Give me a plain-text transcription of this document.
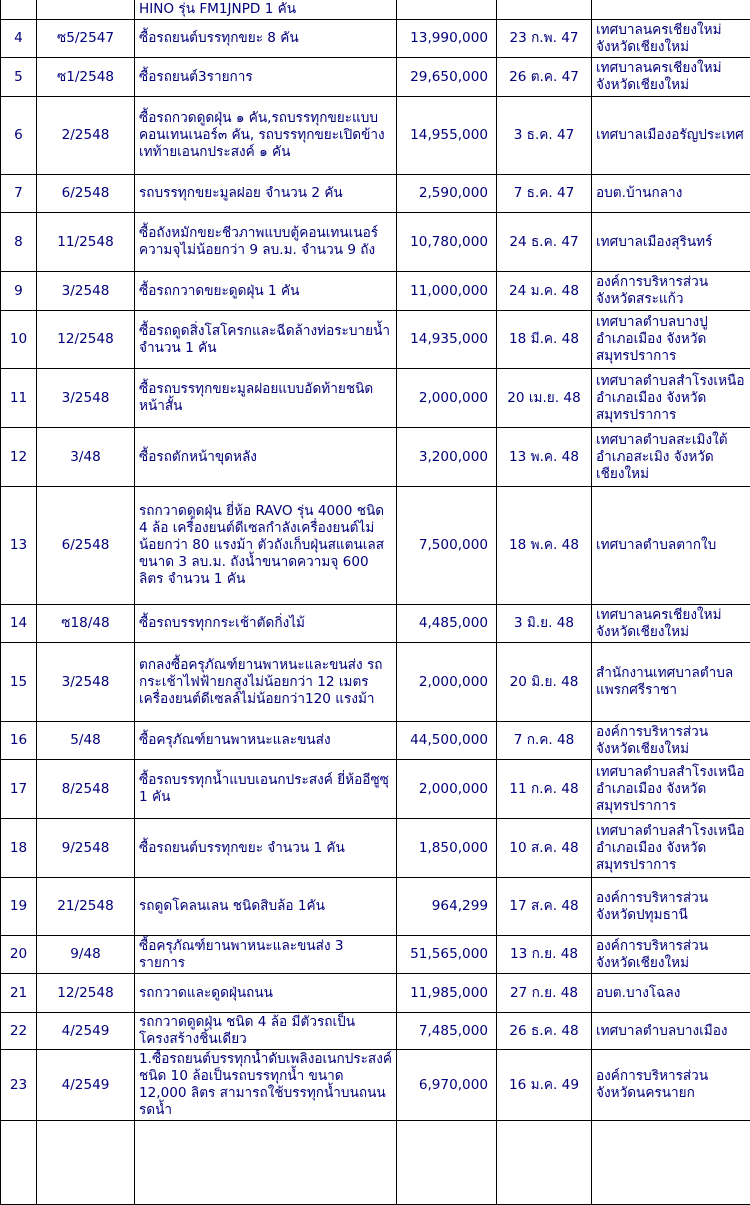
		HINO รุ่น FM1JNPD 1 คัน			
4	ซ5/2547	ซื้อรถยนต์บรรทุกขยะ 8 คัน	13,990,000	23 ก.พ. 47	เทศบาลนครเชียงใหม่ จังหวัดเชียงใหม่
5	ซ1/2548	ซื้อรถยนต์3รายการ	29,650,000	26 ต.ค. 47	เทศบาลนครเชียงใหม่ จังหวัดเชียงใหม่
6	2/2548	ซื้อรถกวดดูดฝุ่น ๑ คัน,รถบรรทุกขยะแบบคอนเทนเนอร์๓ คัน, รถบรรทุกขยะเปิดข้างเทท้ายเอนกประสงค์ ๑ คัน	14,955,000	3 ธ.ค. 47	เทศบาลเมืองอรัญประเทศ
7	6/2548	รถบรรทุกขยะมูลฝอย จำนวน 2 คัน	2,590,000	7 ธ.ค. 47	อบต.บ้านกลาง
8	11/2548	ซื้อถังหมักขยะชีวภาพแบบตู้คอนเทนเนอร์ ความจุไม่น้อยกว่า 9 ลบ.ม. จำนวน 9 ถัง	10,780,000	24 ธ.ค. 47	เทศบาลเมืองสุรินทร์
9	3/2548	ซื้อรถกวาดขยะดูดฝุ่น 1 คัน	11,000,000	24 ม.ค. 48	องค์การบริหารส่วนจังหวัดสระแก้ว
10	12/2548	ซื้อรถดูดสิ่งโสโครกและฉีดล้างท่อระบายน้ำจำนวน 1 คัน	14,935,000	18 มี.ค. 48	เทศบาลตำบลบางปู อำเภอเมือง จังหวัดสมุทรปราการ
11	3/2548	ซื้อรถบรรทุกขยะมูลฝอยแบบอัดท้ายชนิดหน้าสั้น	2,000,000	20 เม.ย. 48	เทศบาลตำบลสำโรงเหนือ อำเภอเมือง จังหวัดสมุทรปราการ
12	3/48	ซื้อรถตักหน้าขุดหลัง	3,200,000	13 พ.ค. 48	เทศบาลตำบลสะเมิงใต้ อำเภอสะเมิง จังหวัดเชียงใหม่
13	6/2548	รถกวาดดูดฝุ่น ยี่ห้อ RAVO รุ่น 4000 ชนิด 4 ล้อ เครื่องยนต์ดีเซลกำลังเครื่องยนต์ไม่น้อยกว่า 80 แรงม้า ตัวถังเก็บฝุ่นสแตนเลสขนาด 3 ลบ.ม. ถังน้ำขนาดความจุ 600 ลิตร จำนวน 1 คัน	7,500,000	18 พ.ค. 48	เทศบาลตำบลตากใบ
14	ซ18/48	ซื้อรถบรรทุกกระเช้าตัดกิ่งไม้	4,485,000	3 มิ.ย. 48	เทศบาลนครเชียงใหม่ จังหวัดเชียงใหม่
15	3/2548	ตกลงซื้อครุภัณฑ์ยานพาหนะและขนส่ง รถกระเช้าไฟฟ้ายกสูงไม่น้อยกว่า 12 เมตร เครื่องยนต์ดีเซลล์ไม่น้อยกว่า120 แรงม้า	2,000,000	20 มิ.ย. 48	สำนักงานเทศบาลตำบลแพรกศรีราชา
16	5/48	ซื้อครุภัณฑ์ยานพาหนะและขนส่ง	44,500,000	7 ก.ค. 48	องค์การบริหารส่วนจังหวัดเชียงใหม่
17	8/2548	ซื้อรถบรรทุกน้ำแบบเอนกประสงค์ ยี่ห้ออีซูซุ 1 คัน	2,000,000	11 ก.ค. 48	เทศบาลตำบลสำโรงเหนือ อำเภอเมือง จังหวัดสมุทรปราการ
18	9/2548	ซื้อรถยนต์บรรทุกขยะ จำนวน 1 คัน	1,850,000	10 ส.ค. 48	เทศบาลตำบลสำโรงเหนือ อำเภอเมือง จังหวัดสมุทรปราการ
19	21/2548	รถดูดโคลนเลน ชนิดสิบล้อ 1คัน	964,299	17 ส.ค. 48	องค์การบริหารส่วนจังหวัดปทุมธานี
20	9/48	ซื้อครุภัณฑ์ยานพาหนะและขนส่ง 3 รายการ	51,565,000	13 ก.ย. 48	องค์การบริหารส่วนจังหวัดเชียงใหม่
21	12/2548	รถกวาดและดูดฝุ่นถนน	11,985,000	27 ก.ย. 48	อบต.บางโฉลง
22	4/2549	รถกวาดดูดฝุ่น ชนิด 4 ล้อ มีตัวรถเป็นโครงสร้างชิ้นเดียว	7,485,000	26 ธ.ค. 48	เทศบาลตำบลบางเมือง
23	4/2549	1.ซื้อรถยนต์บรรทุกน้ำดับเพลิงอเนกประสงค์ ชนิด 10 ล้อเป็นรถบรรทุกน้ำ ขนาด 12,000 ลิตร สามารถใช้บรรทุกน้ำบนถนน รดน้ำ	6,970,000	16 ม.ค. 49	องค์การบริหารส่วนจังหวัดนครนายก
